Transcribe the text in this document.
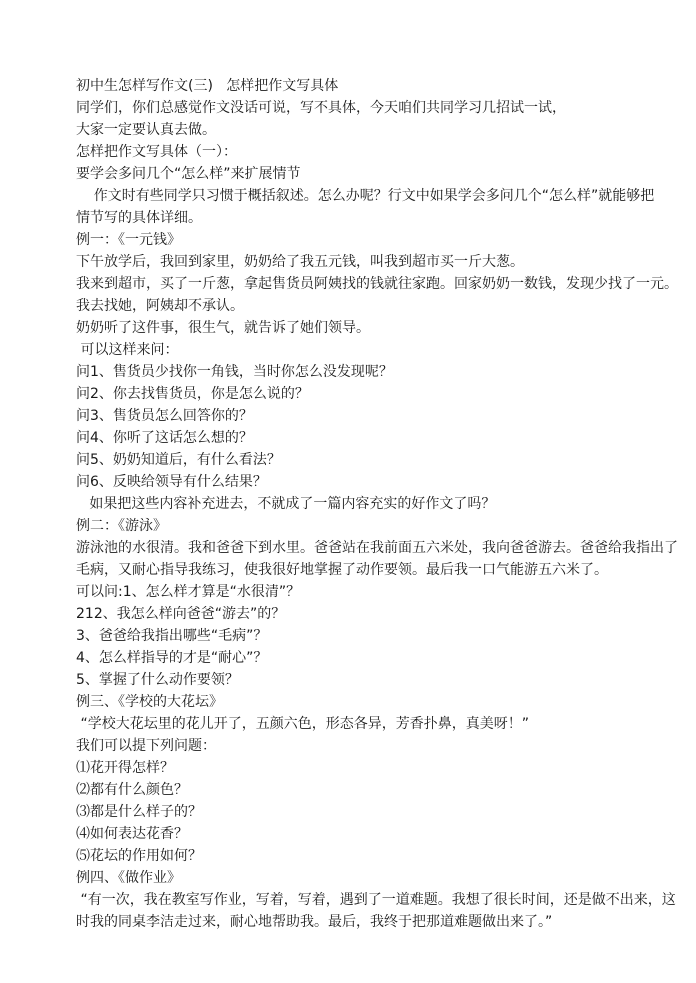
初中生怎样写作文(三)   怎样把作文写具体

同学们，你们总感觉作文没话可说，写不具体，今天咱们共同学习几招试一试，

大家一定要认真去做。

怎样把作文写具体（一）：

要学会多问几个“怎么样”来扩展情节

作文时有些同学只习惯于概括叙述。怎么办呢？行文中如果学会多问几个“怎么样”就能够把

情节写的具体详细。

例一：《一元钱》

下午放学后，我回到家里，奶奶给了我五元钱，叫我到超市买一斤大葱。

我来到超市，买了一斤葱，拿起售货员阿姨找的钱就往家跑。回家奶奶一数钱，发现少找了一元。

我去找她，阿姨却不承认。

奶奶听了这件事，很生气，就告诉了她们领导。

可以这样来问：

问1、售货员少找你一角钱，当时你怎么没发现呢？

问2、你去找售货员，你是怎么说的？

问3、售货员怎么回答你的？

问4、你听了这话怎么想的？

问5、奶奶知道后，有什么看法？

问6、反映给领导有什么结果？

如果把这些内容补充进去，不就成了一篇内容充实的好作文了吗？

例二：《游泳》

游泳池的水很清。我和爸爸下到水里。爸爸站在我前面五六米处，我向爸爸游去。爸爸给我指出了

毛病，又耐心指导我练习，使我很好地掌握了动作要领。最后我一口气能游五六米了。

可以问:1、怎么样才算是“水很清”？

212、我怎么样向爸爸“游去”的？

3、爸爸给我指出哪些“毛病”？

4、怎么样指导的才是“耐心”？

5、掌握了什么动作要领？

例三、《学校的大花坛》

“学校大花坛里的花儿开了，五颜六色，形态各异，芳香扑鼻，真美呀！”

我们可以提下列问题：

⑴花开得怎样？

⑵都有什么颜色？

⑶都是什么样子的？

⑷如何表达花香？

⑸花坛的作用如何？

例四、《做作业》

“有一次，我在教室写作业，写着，写着，遇到了一道难题。我想了很长时间，还是做不出来，这

时我的同桌李洁走过来，耐心地帮助我。最后，我终于把那道难题做出来了。”
